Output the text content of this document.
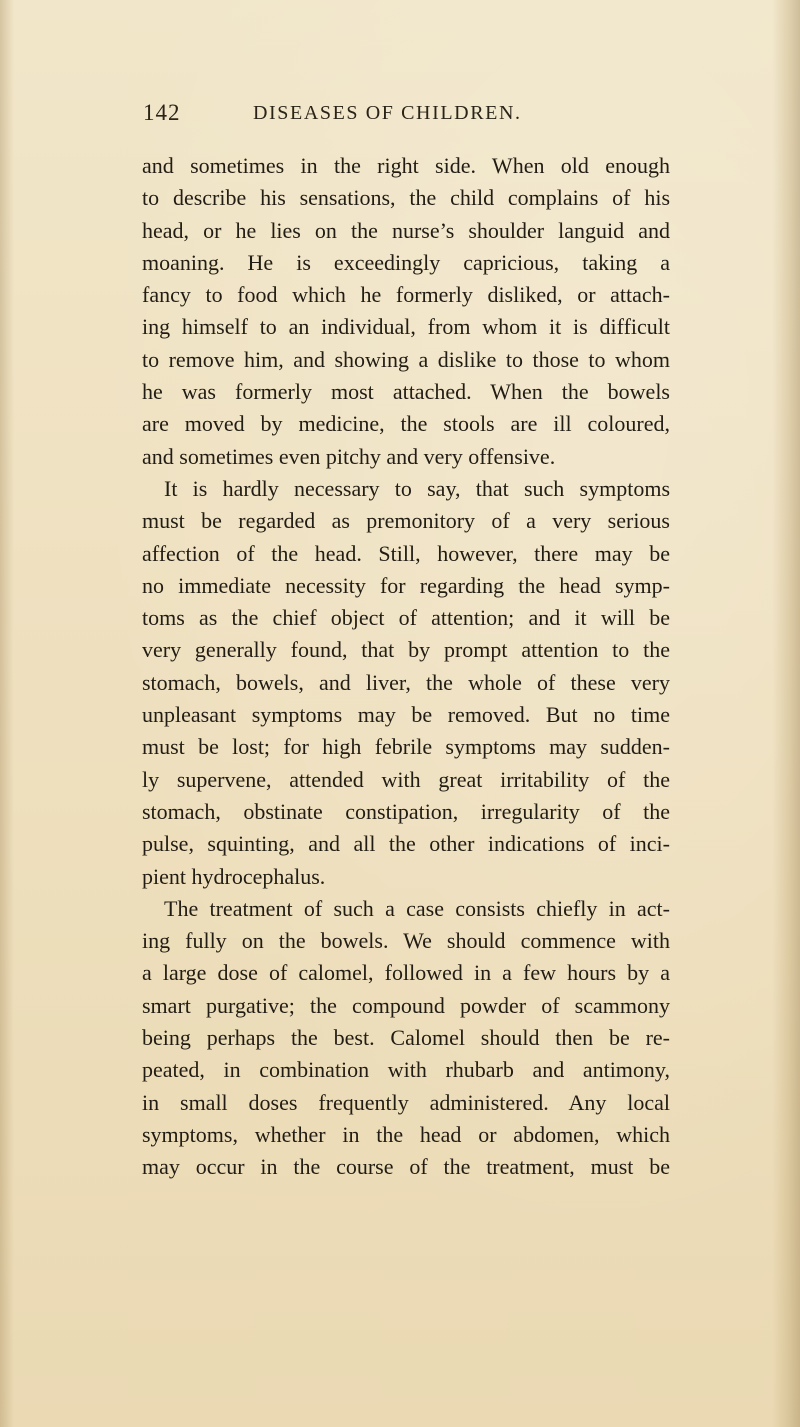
142	DISEASES OF CHILDREN.
and sometimes in the right side. When old enough
to describe his sensations, the child complains of his
head, or he lies on the nurse’s shoulder languid and
moaning. He is exceedingly capricious, taking a
fancy to food which he formerly disliked, or attach-
ing himself to an individual, from whom it is difficult
to remove him, and showing a dislike to those to whom
he was formerly most attached. When the bowels
are moved by medicine, the stools are ill coloured,
and sometimes even pitchy and very offensive.
It is hardly necessary to say, that such symptoms
must be regarded as premonitory of a very serious
affection of the head. Still, however, there may be
no immediate necessity for regarding the head symp-
toms as the chief object of attention; and it will be
very generally found, that by prompt attention to the
stomach, bowels, and liver, the whole of these very
unpleasant symptoms may be removed. But no time
must be lost; for high febrile symptoms may sudden-
ly supervene, attended with great irritability of the
stomach, obstinate constipation, irregularity of the
pulse, squinting, and all the other indications of inci-
pient hydrocephalus.
The treatment of such a case consists chiefly in act-
ing fully on the bowels. We should commence with
a large dose of calomel, followed in a few hours by a
smart purgative; the compound powder of scammony
being perhaps the best. Calomel should then be re-
peated, in combination with rhubarb and antimony,
in small doses frequently administered. Any local
symptoms, whether in the head or abdomen, which
may occur in the course of the treatment, must be
